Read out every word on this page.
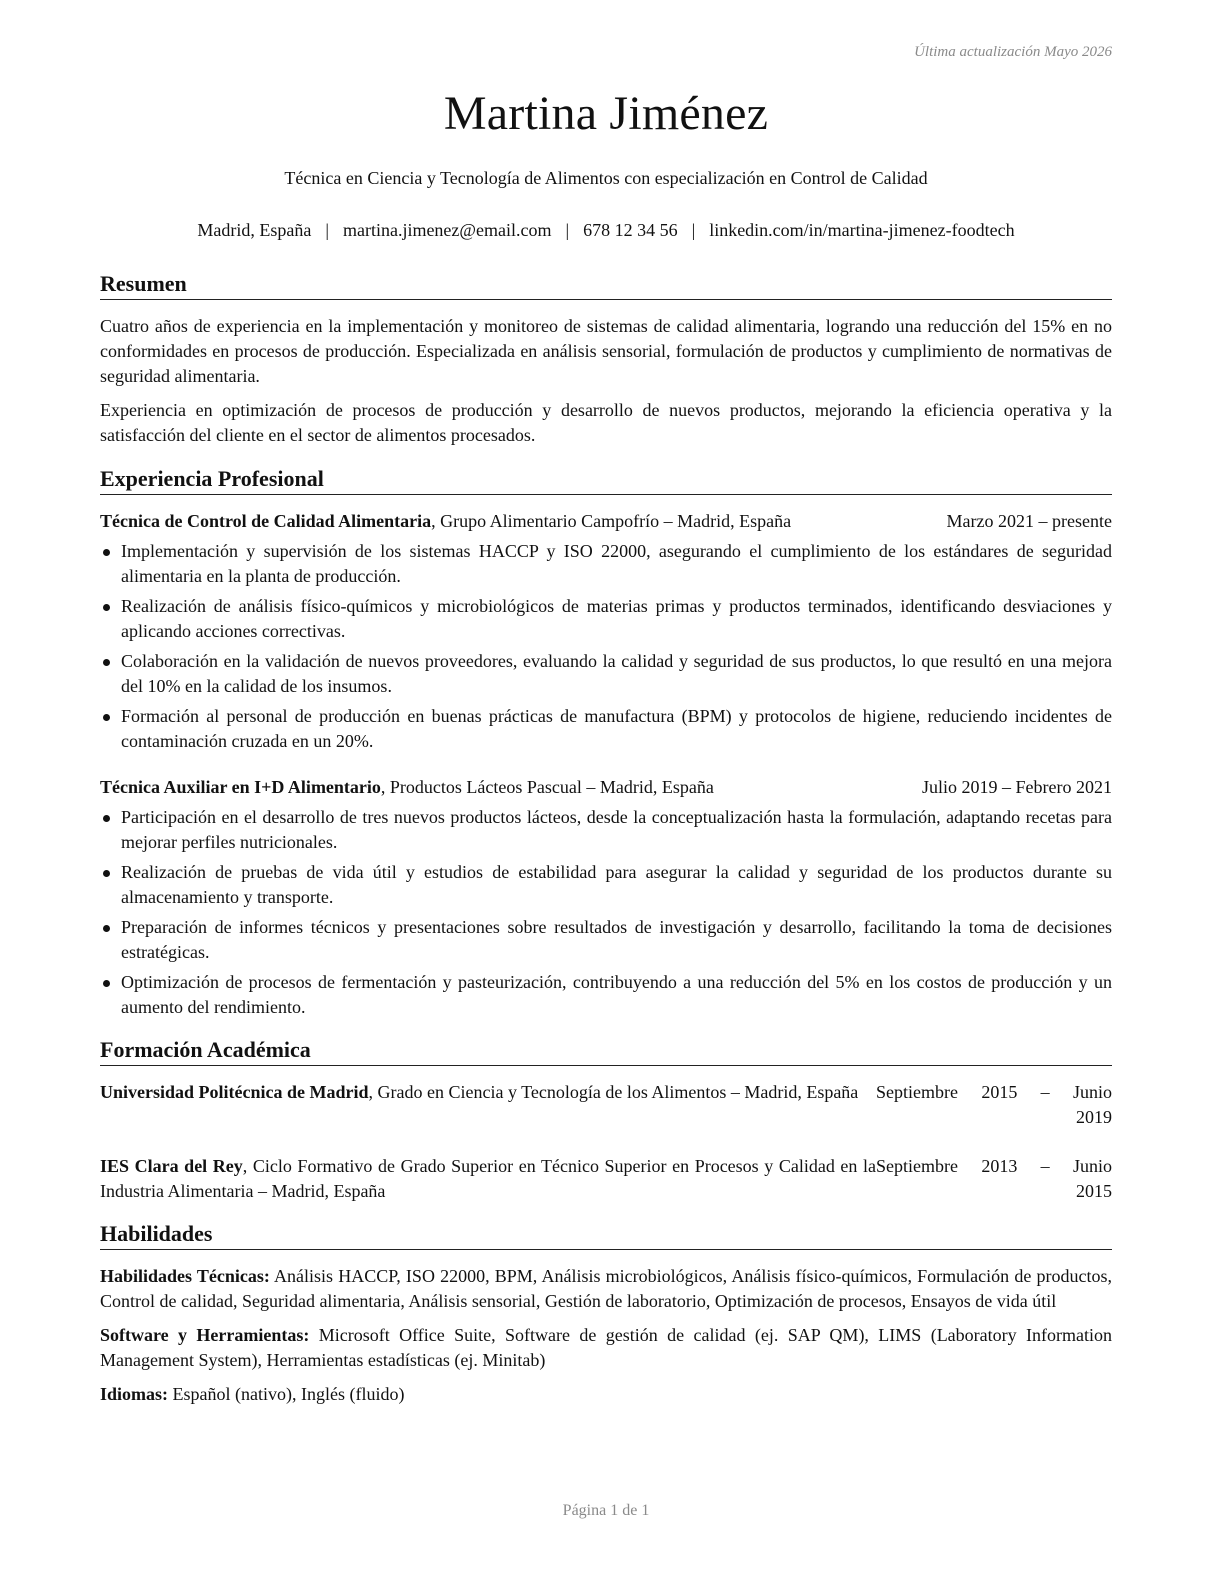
Última actualización Mayo 2026
Martina Jiménez
Técnica en Ciencia y Tecnología de Alimentos con especialización en Control de Calidad
Madrid, España | martina.jimenez@email.com | 678 12 34 56 | linkedin.com/in/martina-jimenez-foodtech
Resumen

Cuatro años de experiencia en la implementación y monitoreo de sistemas de calidad alimentaria, logrando una reducción del 15% en no conformidades en procesos de producción. Especializada en análisis sensorial, formulación de productos y cumplimiento de normativas de seguridad alimentaria.

Experiencia en optimización de procesos de producción y desarrollo de nuevos productos, mejorando la eficiencia operativa y la satisfacción del cliente en el sector de alimentos procesados.

Experiencia Profesional
Técnica de Control de Calidad Alimentaria, Grupo Alimentario Campofrío – Madrid, España	Marzo 2021 – presente
Implementación y supervisión de los sistemas HACCP y ISO 22000, asegurando el cumplimiento de los estándares de seguridad alimentaria en la planta de producción.
Realización de análisis físico-químicos y microbiológicos de materias primas y productos terminados, identificando desviaciones y aplicando acciones correctivas.
Colaboración en la validación de nuevos proveedores, evaluando la calidad y seguridad de sus productos, lo que resultó en una mejora del 10% en la calidad de los insumos.
Formación al personal de producción en buenas prácticas de manufactura (BPM) y protocolos de higiene, reduciendo incidentes de contaminación cruzada en un 20%.
Técnica Auxiliar en I+D Alimentario, Productos Lácteos Pascual – Madrid, España	Julio 2019 – Febrero 2021
Participación en el desarrollo de tres nuevos productos lácteos, desde la conceptualización hasta la formulación, adaptando recetas para mejorar perfiles nutricionales.
Realización de pruebas de vida útil y estudios de estabilidad para asegurar la calidad y seguridad de los productos durante su almacenamiento y transporte.
Preparación de informes técnicos y presentaciones sobre resultados de investigación y desarrollo, facilitando la toma de decisiones estratégicas.
Optimización de procesos de fermentación y pasteurización, contribuyendo a una reducción del 5% en los costos de producción y un aumento del rendimiento.
Formación Académica
Universidad Politécnica de Madrid, Grado en Ciencia y Tecnología de los Alimentos – Madrid, España Septiembre 2015 – Junio
2019
IES Clara del Rey, Ciclo Formativo de Grado Superior en Técnico Superior en Procesos y Calidad en la Industria Alimentaria – Madrid, España
Septiembre 2013 – Junio
2015
Habilidades

Habilidades Técnicas: Análisis HACCP, ISO 22000, BPM, Análisis microbiológicos, Análisis físico-químicos, Formulación de productos, Control de calidad, Seguridad alimentaria, Análisis sensorial, Gestión de laboratorio, Optimización de procesos, Ensayos de vida útil

Software y Herramientas: Microsoft Office Suite, Software de gestión de calidad (ej. SAP QM), LIMS (Laboratory Information Management System), Herramientas estadísticas (ej. Minitab)

Idiomas: Español (nativo), Inglés (fluido)

Página 1 de 1
